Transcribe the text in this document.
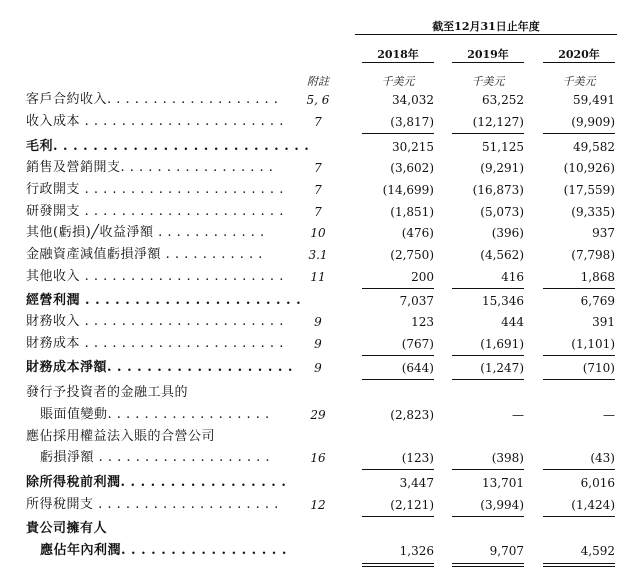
截至12月31日止年度
2018年	2019年	2020年
附註	千美元	千美元	千美元
客戶合約收入. . . . . . . . . . . . . . . . . . .	5, 6	34,032	63,252	59,491
收入成本 . . . . . . . . . . . . . . . . . . . . . .	7	(3,817)	(12,127)	(9,909)
毛利. . . . . . . . . . . . . . . . . . . . . . . . . .	30,215	51,125	49,582
銷售及營銷開支. . . . . . . . . . . . . . . . .	7	(3,602)	(9,291)	(10,926)
行政開支 . . . . . . . . . . . . . . . . . . . . . .	7	(14,699)	(16,873)	(17,559)
研發開支 . . . . . . . . . . . . . . . . . . . . . .	7	(1,851)	(5,073)	(9,335)
其他(虧損)╱收益淨額 . . . . . . . . . . . .	10	(476)	(396)	937
金融資產減值虧損淨額 . . . . . . . . . . .	3.1	(2,750)	(4,562)	(7,798)
其他收入 . . . . . . . . . . . . . . . . . . . . . .	11	200	416	1,868
經營利潤 . . . . . . . . . . . . . . . . . . . . . .	7,037	15,346	6,769
財務收入 . . . . . . . . . . . . . . . . . . . . . .	9	123	444	391
財務成本 . . . . . . . . . . . . . . . . . . . . . .	9	(767)	(1,691)	(1,101)
財務成本淨額. . . . . . . . . . . . . . . . . . .	9	(644)	(1,247)	(710)
發行予投資者的金融工具的
賬面值變動. . . . . . . . . . . . . . . . . .	29	(2,823)	—	—
應佔採用權益法入賬的合營公司
虧損淨額 . . . . . . . . . . . . . . . . . . .	16	(123)	(398)	(43)
除所得稅前利潤. . . . . . . . . . . . . . . . .	3,447	13,701	6,016
所得稅開支 . . . . . . . . . . . . . . . . . . . .	12	(2,121)	(3,994)	(1,424)
貴公司擁有人
應佔年內利潤. . . . . . . . . . . . . . . . .	1,326	9,707	4,592
